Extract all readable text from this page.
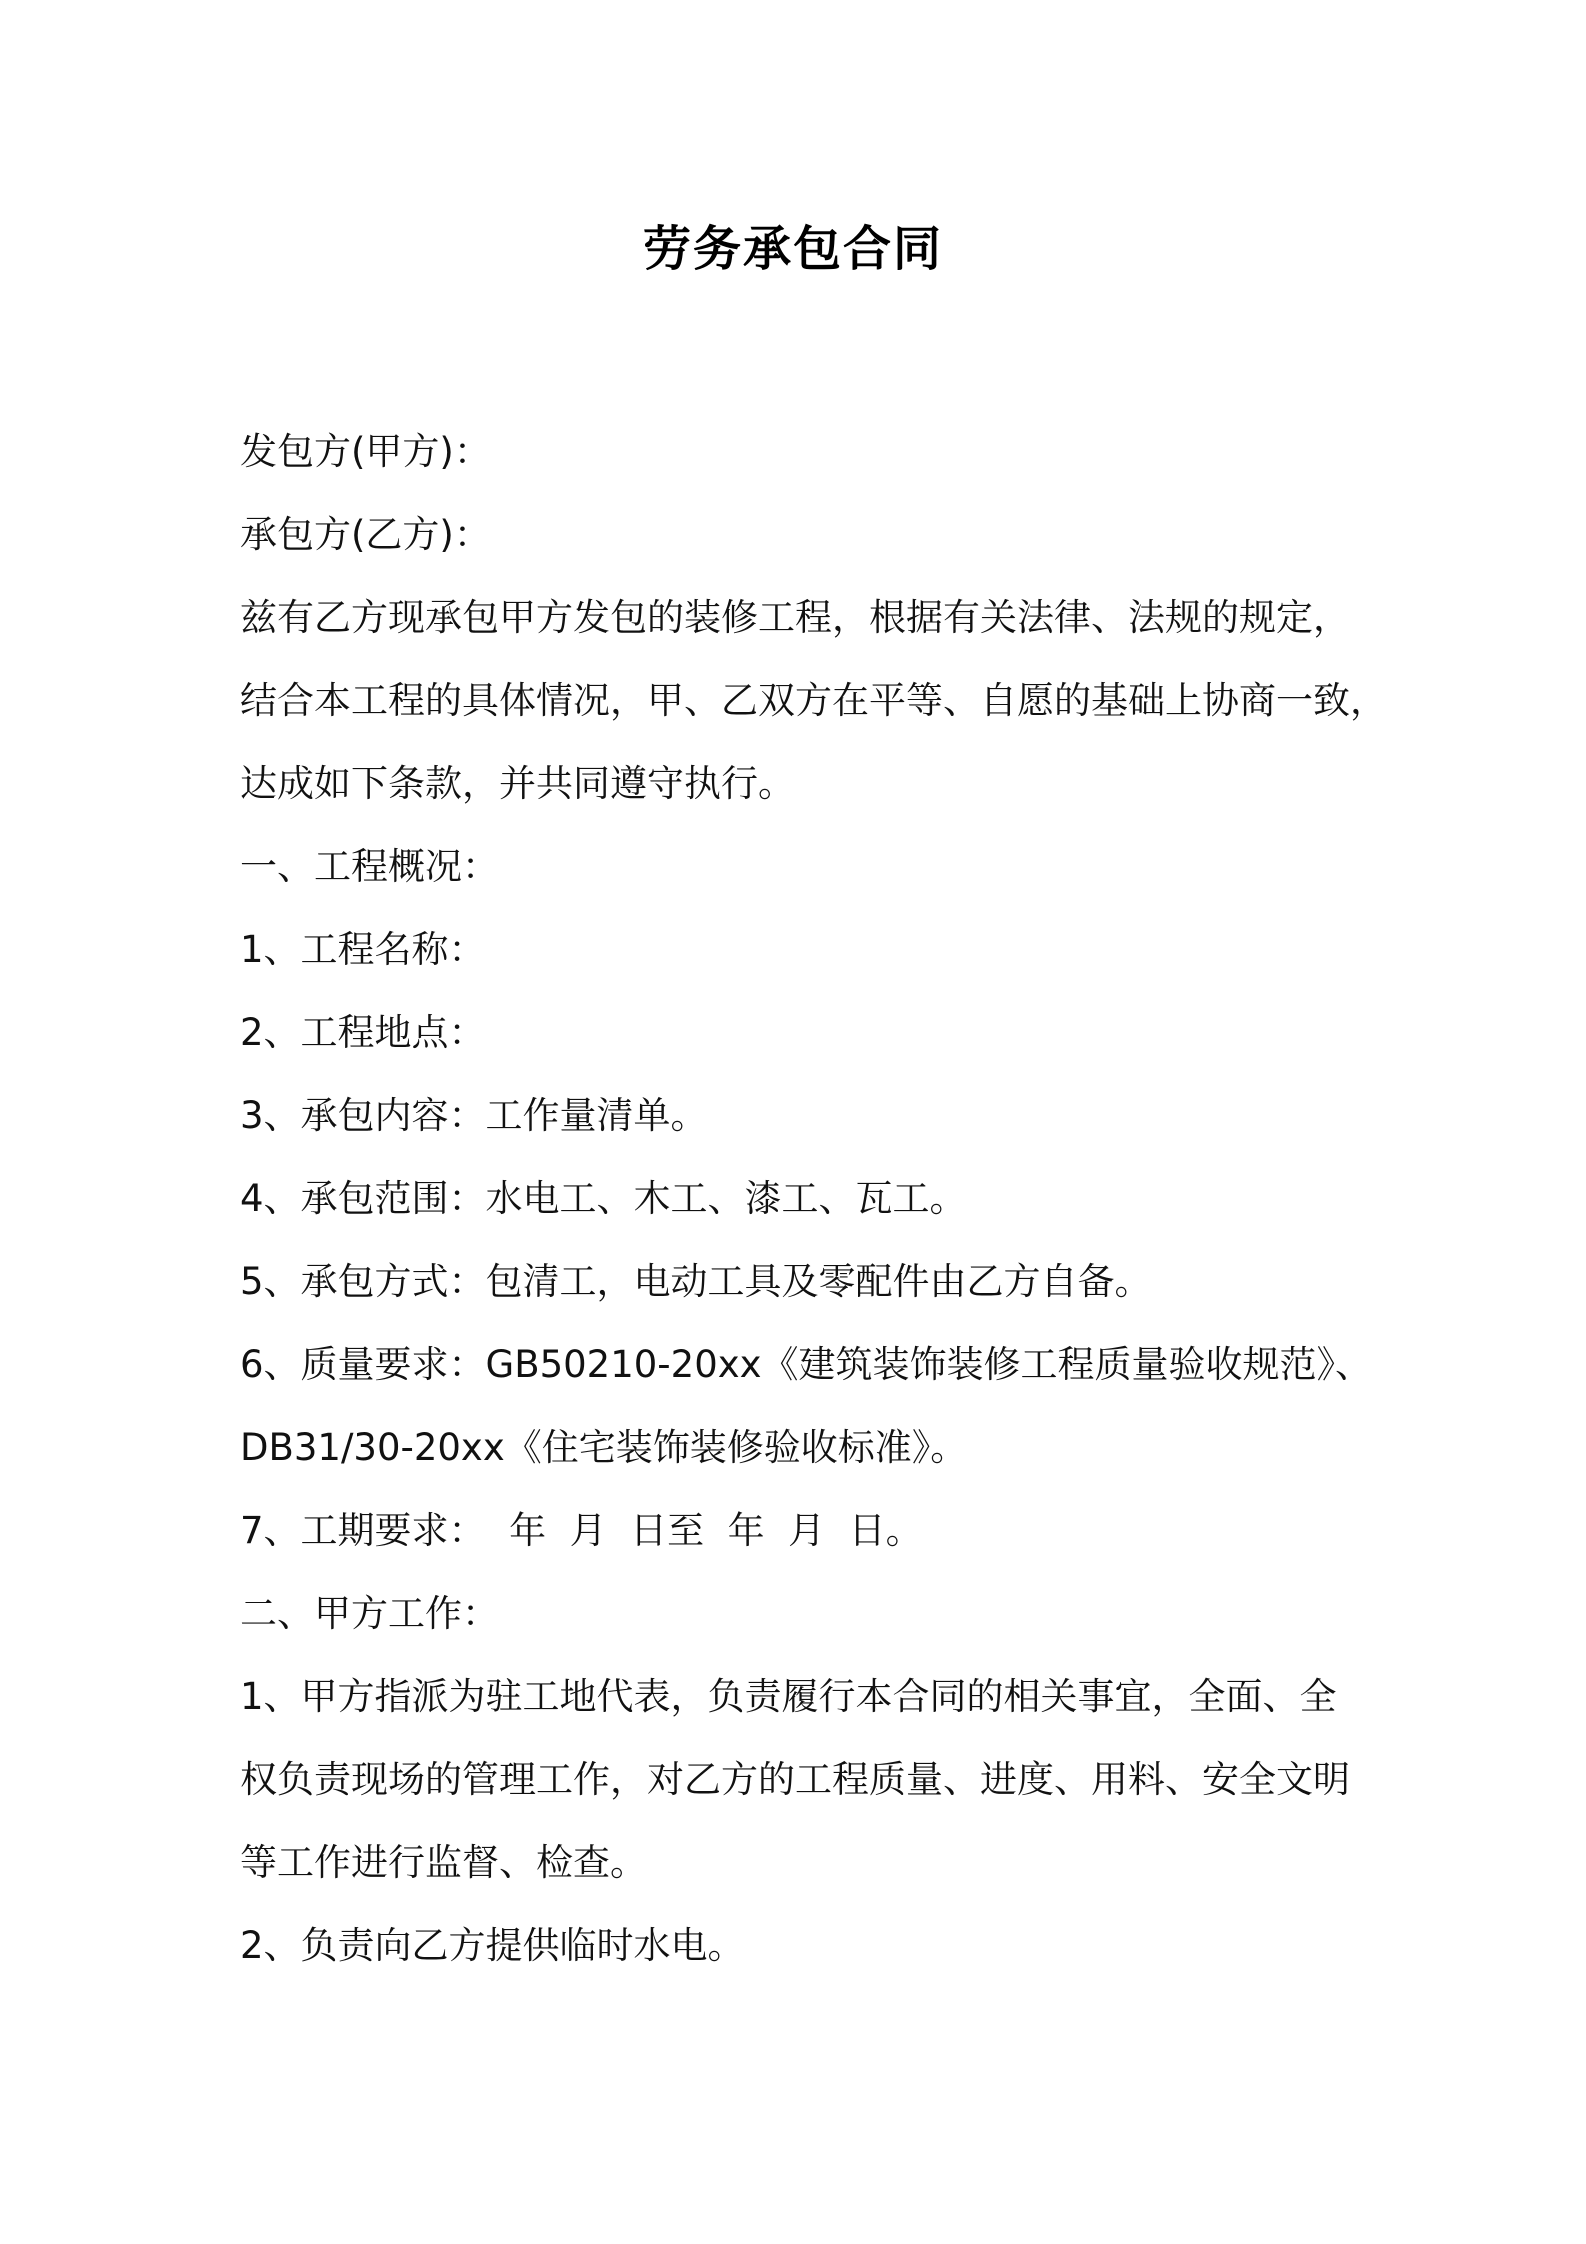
劳务承包合同
发包方(甲方)：
承包方(乙方)：
兹有乙方现承包甲方发包的装修工程，根据有关法律、法规的规定，
结合本工程的具体情况，甲、乙双方在平等、自愿的基础上协商一致，
达成如下条款，并共同遵守执行。
一、工程概况：
1、工程名称：
2、工程地点：
3、承包内容：工作量清单。
4、承包范围：水电工、木工、漆工、瓦工。
5、承包方式：包清工，电动工具及零配件由乙方自备。
6、质量要求：GB50210-20xx《建筑装饰装修工程质量验收规范》、
DB31/30-20xx《住宅装饰装修验收标准》。
7、工期要求：  年  月  日至  年  月  日。
二、甲方工作：
1、甲方指派为驻工地代表，负责履行本合同的相关事宜，全面、全
权负责现场的管理工作，对乙方的工程质量、进度、用料、安全文明
等工作进行监督、检查。
2、负责向乙方提供临时水电。
